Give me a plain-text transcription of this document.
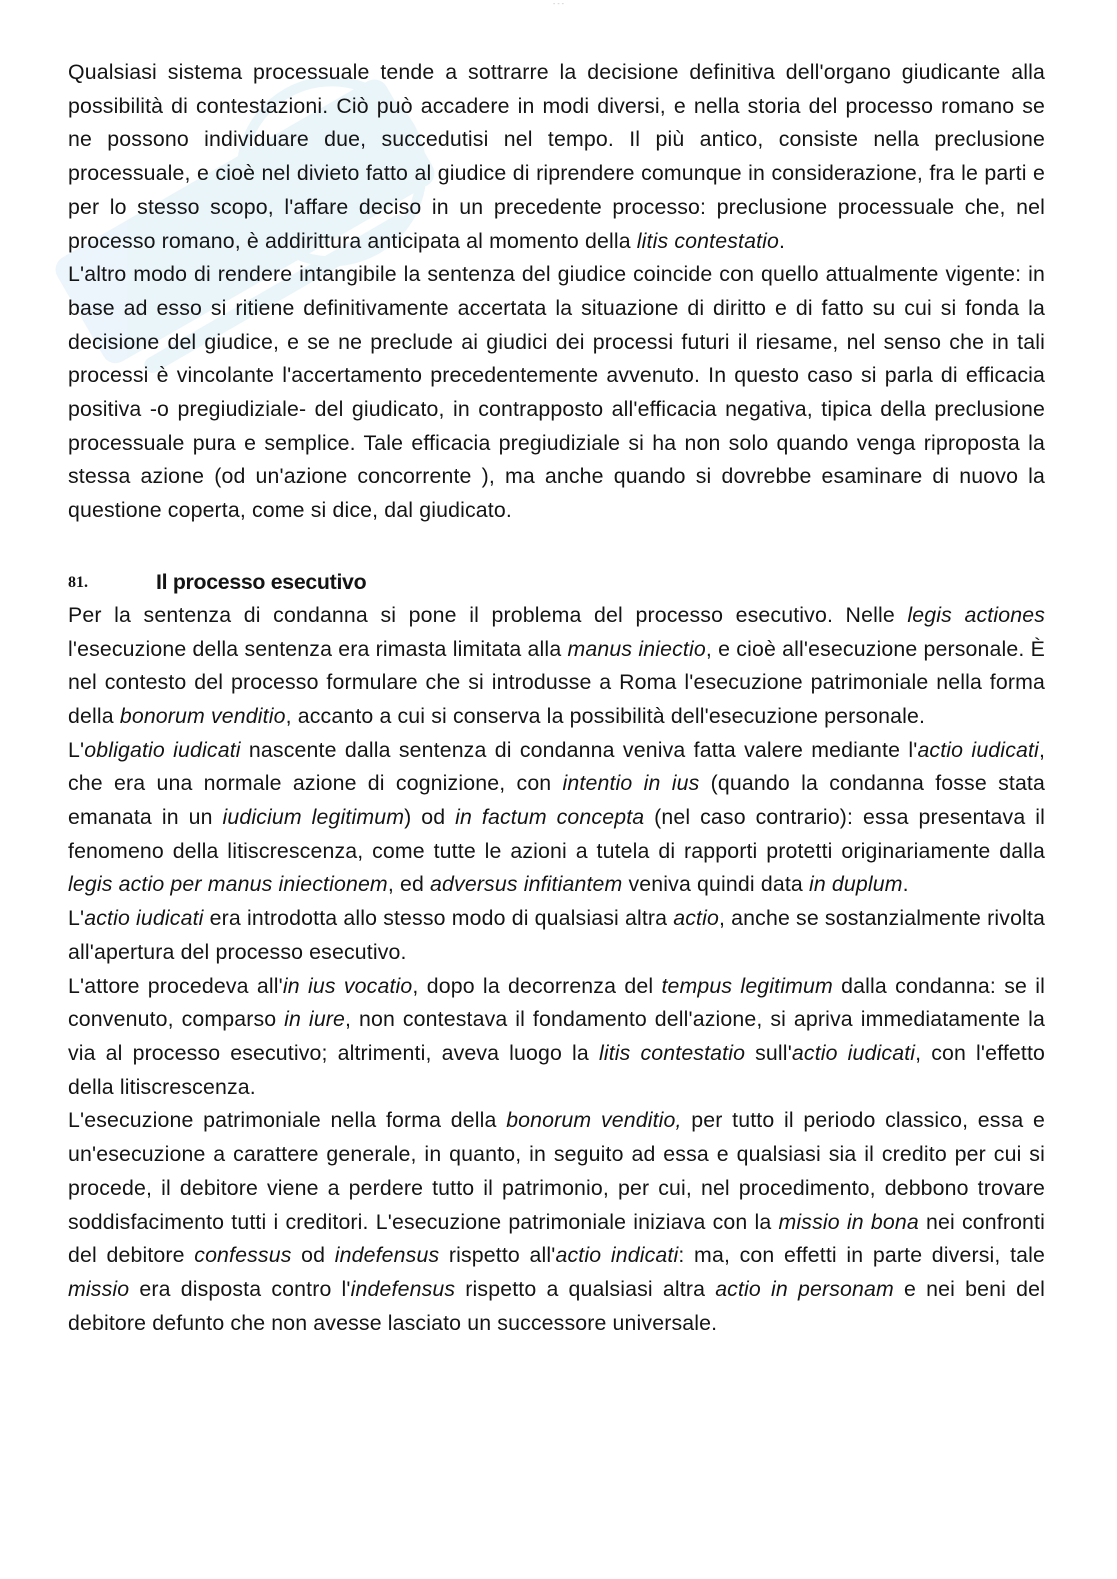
- - -

Qualsiasi sistema processuale tende a sottrarre la decisione definitiva dell'organo giudicante alla possibilità di contestazioni. Ciò può accadere in modi diversi, e nella storia del processo romano se ne possono individuare due, succedutisi nel tempo. Il più antico, consiste nella preclusione processuale, e cioè nel divieto fatto al giudice di riprendere comunque in considerazione, fra le parti e per lo stesso scopo, l'affare deciso in un precedente processo: preclusione processuale che, nel processo romano, è addirittura anticipata al momento della litis contestatio.

L'altro modo di rendere intangibile la sentenza del giudice coincide con quello attualmente vigente: in base ad esso si ritiene definitivamente accertata la situazione di diritto e di fatto su cui si fonda la decisione del giudice, e se ne preclude ai giudici dei processi futuri il riesame, nel senso che in tali processi è vincolante l'accertamento precedentemente avvenuto. In questo caso si parla di efficacia positiva -o pregiudiziale- del giudicato, in contrapposto all'efficacia negativa, tipica della preclusione processuale pura e semplice. Tale efficacia pregiudiziale si ha non solo quando venga riproposta la stessa azione (od un'azione concorrente ), ma anche quando si dovrebbe esaminare di nuovo la questione coperta, come si dice, dal giudicato.

81.	Il processo esecutivo

Per la sentenza di condanna si pone il problema del processo esecutivo. Nelle legis actiones l'esecuzione della sentenza era rimasta limitata alla manus iniectio, e cioè all'esecuzione personale. È nel contesto del processo formulare che si introdusse a Roma l'esecuzione patrimoniale nella forma della bonorum venditio, accanto a cui si conserva la possibilità dell'esecuzione personale.

L'obligatio iudicati nascente dalla sentenza di condanna veniva fatta valere mediante l'actio iudicati, che era una normale azione di cognizione, con intentio in ius (quando la condanna fosse stata emanata in un iudicium legitimum) od in factum concepta (nel caso contrario): essa presentava il fenomeno della litiscrescenza, come tutte le azioni a tutela di rapporti protetti originariamente dalla legis actio per manus iniectionem, ed adversus infitiantem veniva quindi data in duplum.

L'actio iudicati era introdotta allo stesso modo di qualsiasi altra actio, anche se sostanzialmente rivolta all'apertura del processo esecutivo.

L'attore procedeva all'in ius vocatio, dopo la decorrenza del tempus legitimum dalla condanna: se il convenuto, comparso in iure, non contestava il fondamento dell'azione, si apriva immediatamente la via al processo esecutivo; altrimenti, aveva luogo la litis contestatio sull'actio iudicati, con l'effetto della litiscrescenza.

L'esecuzione patrimoniale nella forma della bonorum venditio, per tutto il periodo classico, essa e un'esecuzione a carattere generale, in quanto, in seguito ad essa e qualsiasi sia il credito per cui si procede, il debitore viene a perdere tutto il patrimonio, per cui, nel procedimento, debbono trovare soddisfacimento tutti i creditori. L'esecuzione patrimoniale iniziava con la missio in bona nei confronti del debitore confessus od indefensus rispetto all'actio indicati: ma, con effetti in parte diversi, tale missio era disposta contro l'indefensus rispetto a qualsiasi altra actio in personam e nei beni del debitore defunto che non avesse lasciato un successore universale.
